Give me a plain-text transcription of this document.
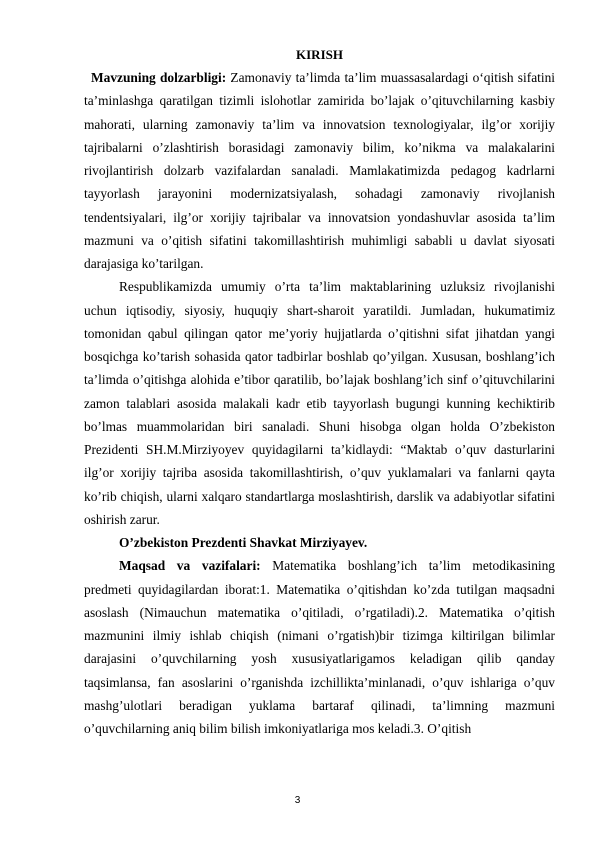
KIRISH

Mavzuning dolzarbligi: Zamonaviy ta’limda ta’lim muassasalardagi o‘qitish sifatini ta’minlashga qaratilgan tizimli islohotlar zamirida bo’lajak o’qituvchilarning kasbiy mahorati, ularning zamonaviy ta’lim va innovatsion texnologiyalar, ilg’or xorijiy tajribalarni o’zlashtirish borasidagi zamonaviy bilim, ko’nikma va malakalarini rivojlantirish dolzarb vazifalardan sanaladi. Mamlakatimizda pedagog kadrlarni tayyorlash jarayonini modernizatsiyalash, sohadagi zamonaviy rivojlanish tendentsiyalari, ilg’or xorijiy tajribalar va innovatsion yondashuvlar asosida ta’lim mazmuni va o’qitish sifatini takomillashtirish muhimligi sababli u davlat siyosati darajasiga ko’tarilgan.

Respublikamizda umumiy o’rta ta’lim maktablarining uzluksiz rivojlanishi uchun iqtisodiy, siyosiy, huquqiy shart-sharoit yaratildi. Jumladan, hukumatimiz tomonidan qabul qilingan qator me’yoriy hujjatlarda o’qitishni sifat jihatdan yangi bosqichga ko’tarish sohasida qator tadbirlar boshlab qo’yilgan. Xususan, boshlang’ich ta’limda o’qitishga alohida e’tibor qaratilib, bo’lajak boshlang’ich sinf o’qituvchilarini zamon talablari asosida malakali kadr etib tayyorlash bugungi kunning kechiktirib bo’lmas muammolaridan biri sanaladi. Shuni hisobga olgan holda O’zbekiston Prezidenti SH.M.Mirziyoyev quyidagilarni ta’kidlaydi: “Maktab o’quv dasturlarini ilg’or xorijiy tajriba asosida takomillashtirish, o’quv yuklamalari va fanlarni qayta ko’rib chiqish, ularni xalqaro standartlarga moslashtirish, darslik va adabiyotlar sifatini oshirish zarur.

O’zbekiston Prezdenti Shavkat Mirziyayev.

Maqsad va vazifalari: Matematika boshlang’ich ta’lim metodikasining predmeti quyidagilardan iborat:1. Matematika o’qitishdan ko’zda tutilgan maqsadni asoslash (Nimauchun matematika o’qitiladi, o’rgatiladi).2. Matematika o’qitish mazmunini ilmiy ishlab chiqish (nimani o’rgatish)bir tizimga kiltirilgan bilimlar darajasini o’quvchilarning yosh xususiyatlarigamos keladigan qilib qanday taqsimlansa, fan asoslarini o’rganishda izchillikta’minlanadi, o’quv ishlariga o’quv mashg’ulotlari beradigan yuklama bartaraf qilinadi, ta’limning mazmuni o’quvchilarning aniq bilim bilish imkoniyatlariga mos keladi.3. O’qitish

3
